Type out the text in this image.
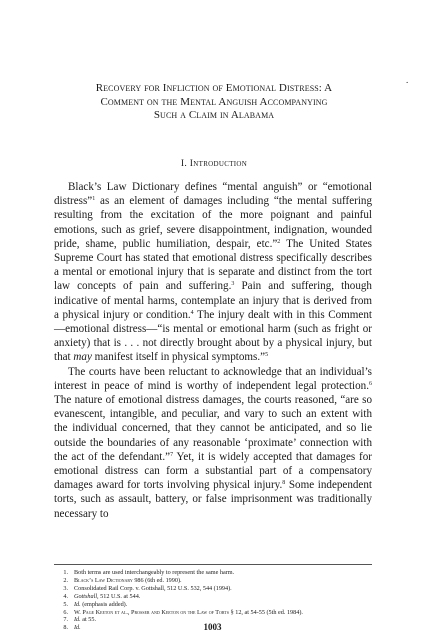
.
Recovery for Infliction of Emotional Distress: A
Comment on the Mental Anguish Accompanying
Such a Claim in Alabama
I. Introduction

Black’s Law Dictionary defines “mental anguish” or “emotional distress”$^1$ as an element of damages including “the mental suffering resulting from the excitation of the more poignant and painful emotions, such as grief, severe disappointment, indignation, wounded pride, shame, public humiliation, despair, etc.”$^2$ The United States Supreme Court has stated that emotional distress specifically describes a mental or emotional injury that is separate and distinct from the tort law concepts of pain and suffering.$^3$ Pain and suffering, though indicative of mental harms, contemplate an injury that is derived from a physical injury or condition.$^4$ The injury dealt with in this Comment—emotional distress—“is mental or emotional harm (such as fright or anxiety) that is . . . not directly brought about by a physical injury, but that may manifest itself in physical symptoms.”$^5$

The courts have been reluctant to acknowledge that an individual’s interest in peace of mind is worthy of independent legal protection.$^6$ The nature of emotional distress damages, the courts reasoned, “are so evanescent, intangible, and peculiar, and vary to such an extent with the individual concerned, that they cannot be anticipated, and so lie outside the boundaries of any reasonable ‘proximate’ connection with the act of the defendant.”$^7$ Yet, it is widely accepted that damages for emotional distress can form a substantial part of a compensatory damages award for torts involving physical injury.$^8$ Some independent torts, such as assault, battery, or false imprisonment was traditionally necessary to

1. Both terms are used interchangeably to represent the same harm.
2. Black’s Law Dictionary 986 (6th ed. 1990).
3. Consolidated Rail Corp. v. Gottshall, 512 U.S. 532, 544 (1994).
4. Gottshall, 512 U.S. at 544.
5. Id. (emphasis added).
6. W. Page Keeton et al., Prosser and Keeton on the Law of Torts § 12, at 54-55 (5th ed. 1984).
7. Id. at 55.
8. Id.	1003
